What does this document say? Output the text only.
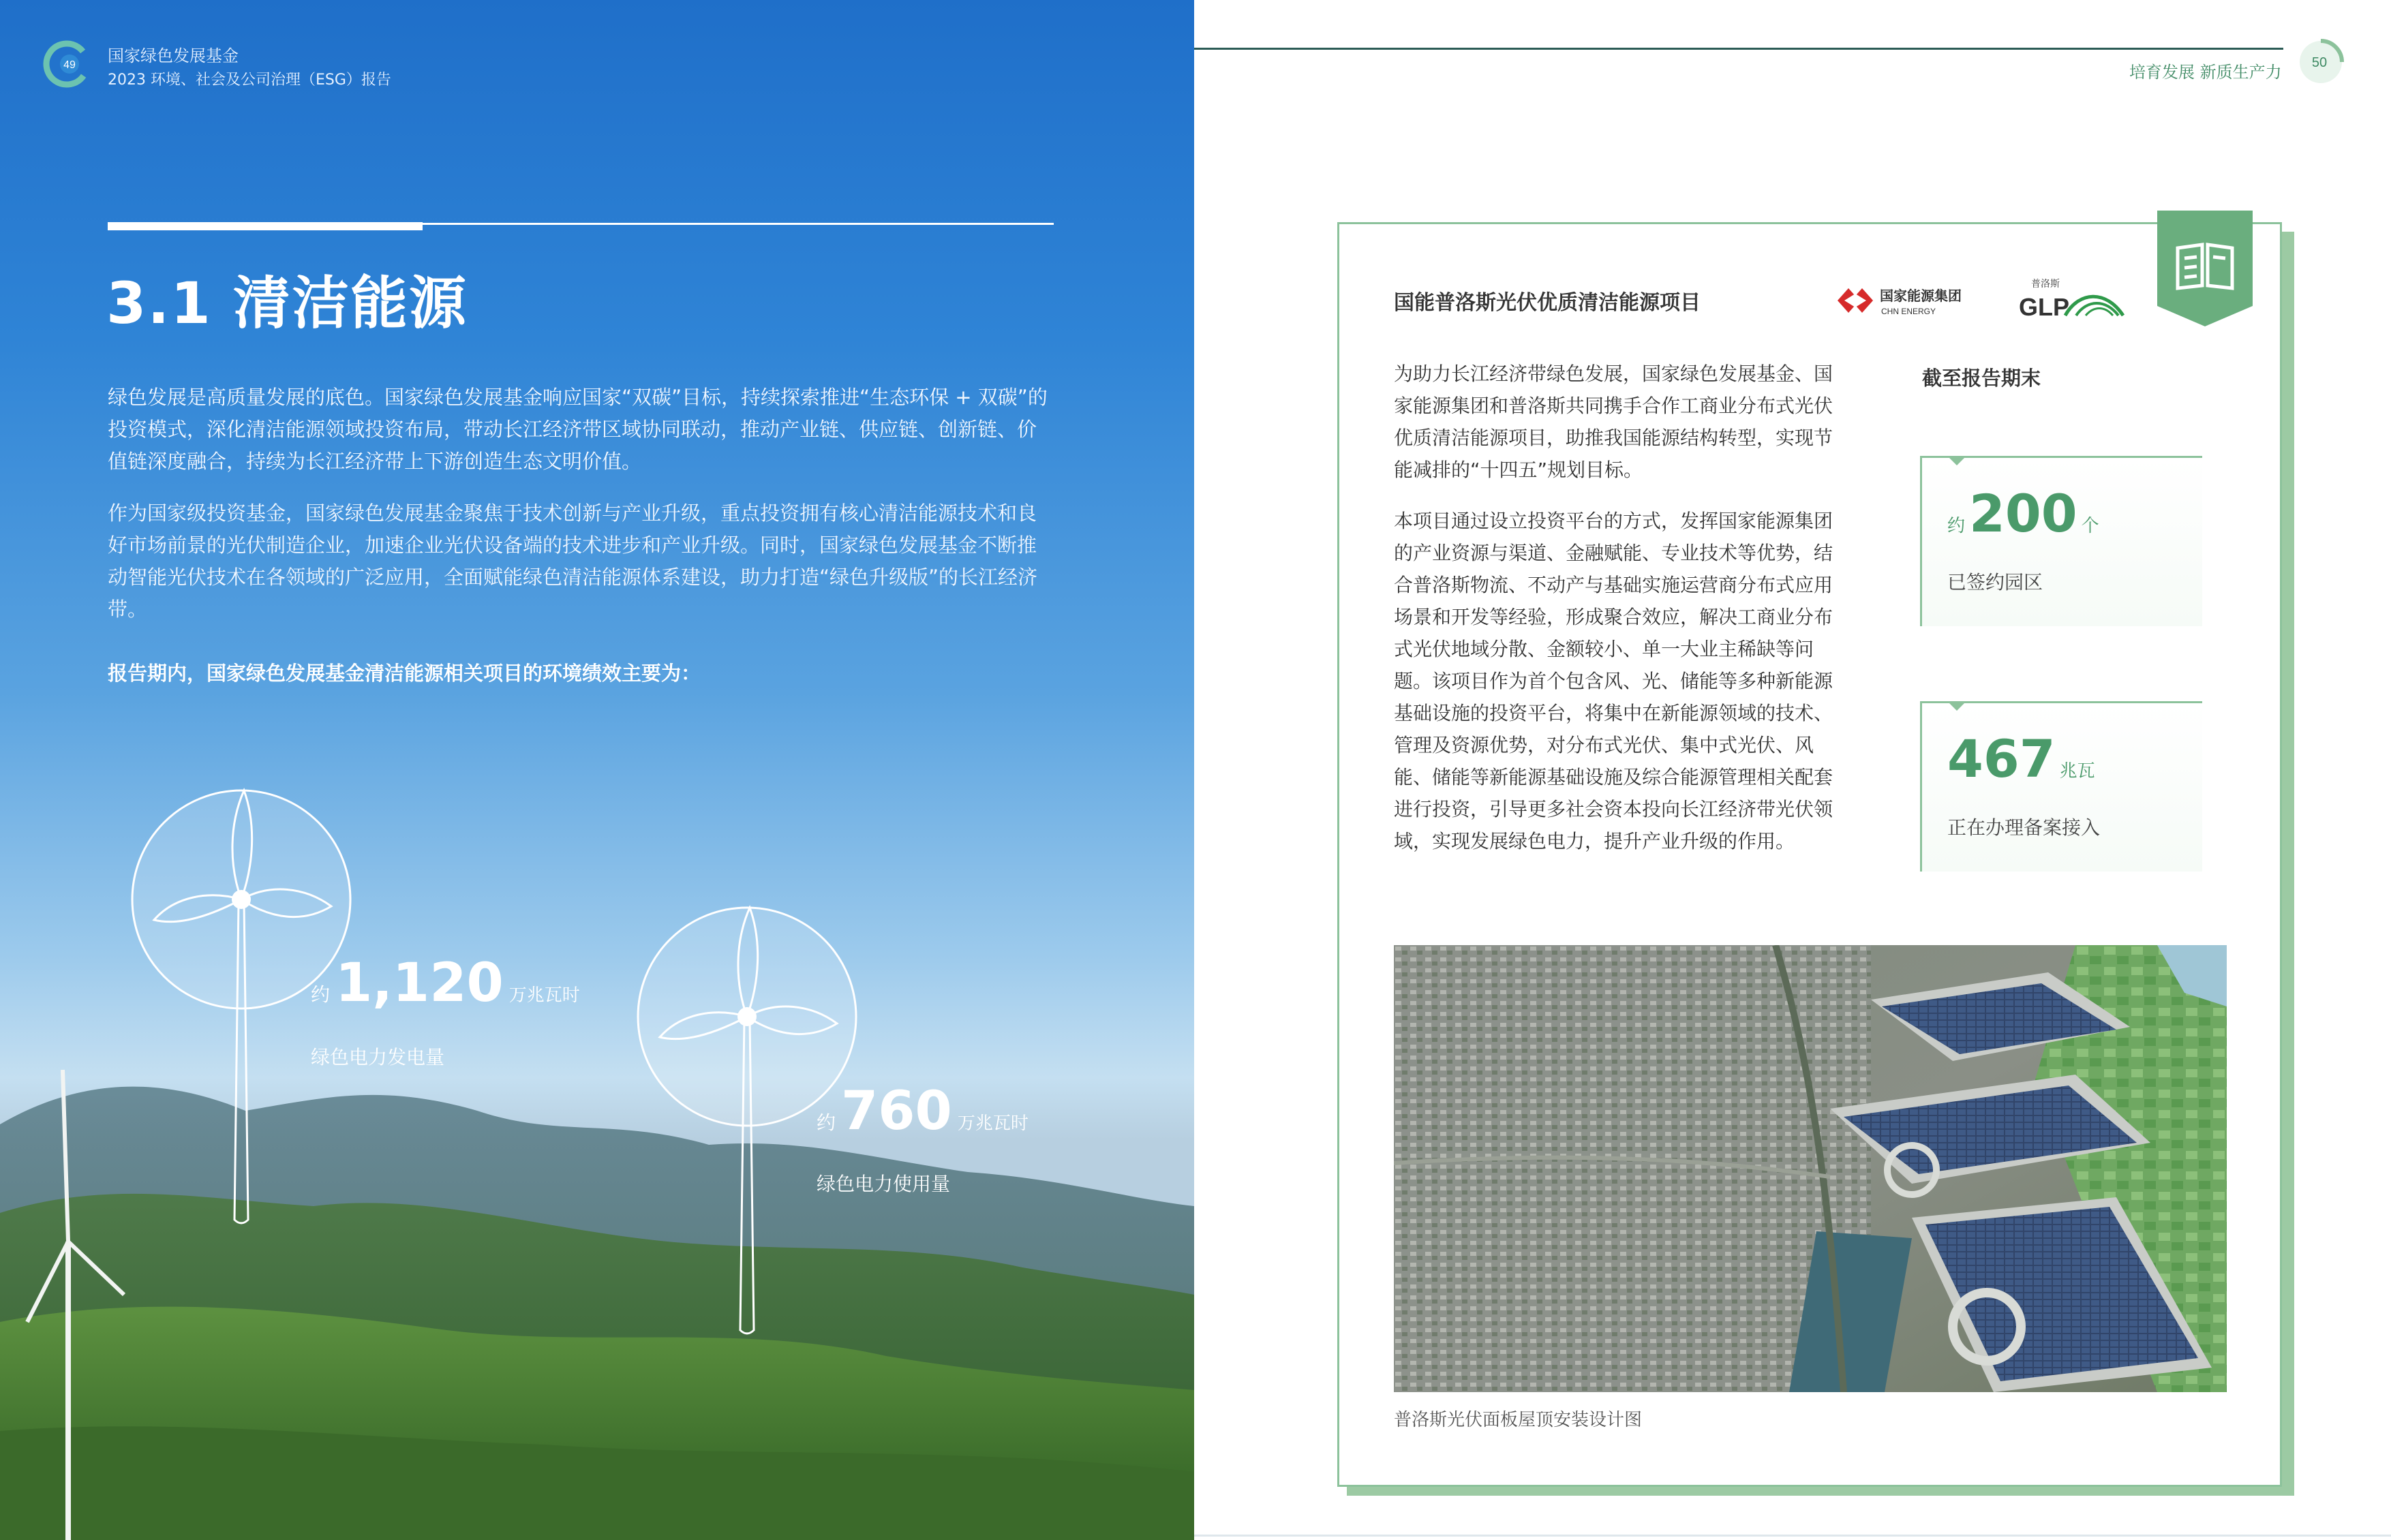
49 国家绿色发展基金
2023 环境、社会及公司治理（ESG）报告
3.1 清洁能源
绿色发展是高质量发展的底色。国家绿色发展基金响应国家“双碳”目标，持续探索推进“生态环保 + 双碳”的投资模式，深化清洁能源领域投资布局，带动长江经济带区域协同联动，推动产业链、供应链、创新链、价值链深度融合，持续为长江经济带上下游创造生态文明价值。
作为国家级投资基金，国家绿色发展基金聚焦于技术创新与产业升级，重点投资拥有核心清洁能源技术和良好市场前景的光伏制造企业，加速企业光伏设备端的技术进步和产业升级。同时，国家绿色发展基金不断推动智能光伏技术在各领域的广泛应用，全面赋能绿色清洁能源体系建设，助力打造“绿色升级版”的长江经济带。
报告期内，国家绿色发展基金清洁能源相关项目的环境绩效主要为：
约 1,120 万兆瓦时
绿色电力发电量
约 760 万兆瓦时
绿色电力使用量
培育发展 新质生产力 50
国能普洛斯光伏优质清洁能源项目	国家能源集团
CHN ENERGY
普洛斯
GLP
为助力长江经济带绿色发展，国家绿色发展基金、国家能源集团和普洛斯共同携手合作工商业分布式光伏优质清洁能源项目，助推我国能源结构转型，实现节能减排的“十四五”规划目标。
本项目通过设立投资平台的方式，发挥国家能源集团的产业资源与渠道、金融赋能、专业技术等优势，结合普洛斯物流、不动产与基础实施运营商分布式应用场景和开发等经验，形成聚合效应，解决工商业分布式光伏地域分散、金额较小、单一大业主稀缺等问题。该项目作为首个包含风、光、储能等多种新能源基础设施的投资平台，将集中在新能源领域的技术、管理及资源优势，对分布式光伏、集中式光伏、风能、储能等新能源基础设施及综合能源管理相关配套进行投资，引导更多社会资本投向长江经济带光伏领域，实现发展绿色电力，提升产业升级的作用。
截至报告期末
约200 个
已签约园区
467 兆瓦
正在办理备案接入
普洛斯光伏面板屋顶安装设计图
